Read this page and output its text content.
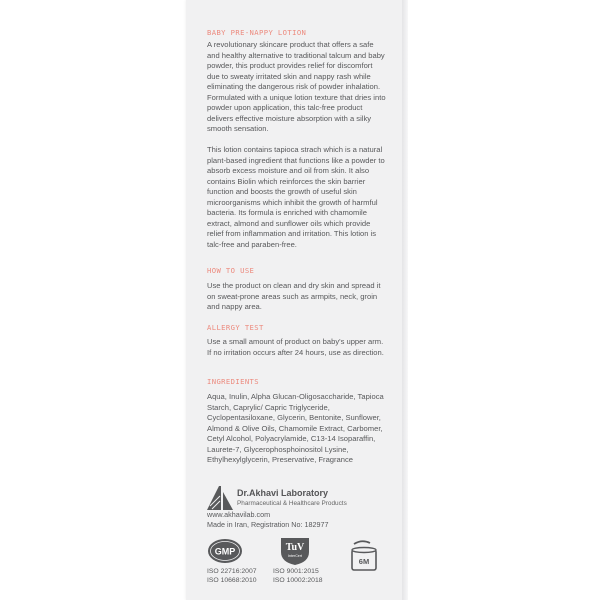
BABY PRE-NAPPY LOTION
A revolutionary skincare product that offers a safe and healthy alternative to traditional talcum and baby powder, this product provides relief for discomfort due to sweaty irritated skin and nappy rash while eliminating the dangerous risk of powder inhalation. Formulated with a unique lotion texture that dries into powder upon application, this talc-free product delivers effective moisture absorption with a silky smooth sensation.
This lotion contains tapioca strach which is a natural plant-based ingredient that functions like a powder to absorb excess moisture and oil from skin. It also contains Biolin which reinforces the skin barrier function and boosts the growth of useful skin microorganisms which inhibit the growth of harmful bacteria. Its formula is enriched with chamomile extract, almond and sunflower oils which provide relief from inflammation and irritation. This lotion is talc-free and paraben-free.
HOW TO USE
Use the product on clean and dry skin and spread it on sweat-prone areas such as armpits, neck, groin and nappy area.
ALLERGY TEST
Use a small amount of product on baby's upper arm. If no irritation occurs after 24 hours, use as direction.
INGREDIENTS
Aqua, Inulin, Alpha Glucan-Oligosaccharide, Tapioca Starch, Caprylic/ Capric Triglyceride, Cyclopentasiloxane, Glycerin, Bentonite, Sunflower, Almond & Olive Oils, Chamomile Extract, Carbomer, Cetyl Alcohol, Polyacrylamide, C13-14 Isoparaffin, Laurete-7, Glycerophosphoinositol Lysine, Ethylhexylglycerin, Preservative, Fragrance
Dr.Akhavi Laboratory
Pharmaceutical & Healthcare Products
www.akhavilab.com
Made in Iran, Registration No: 182977
GMP	TuV
InterCert
6M
ISO 22716:2007
ISO 10668:2010
ISO 9001:2015
ISO 10002:2018
